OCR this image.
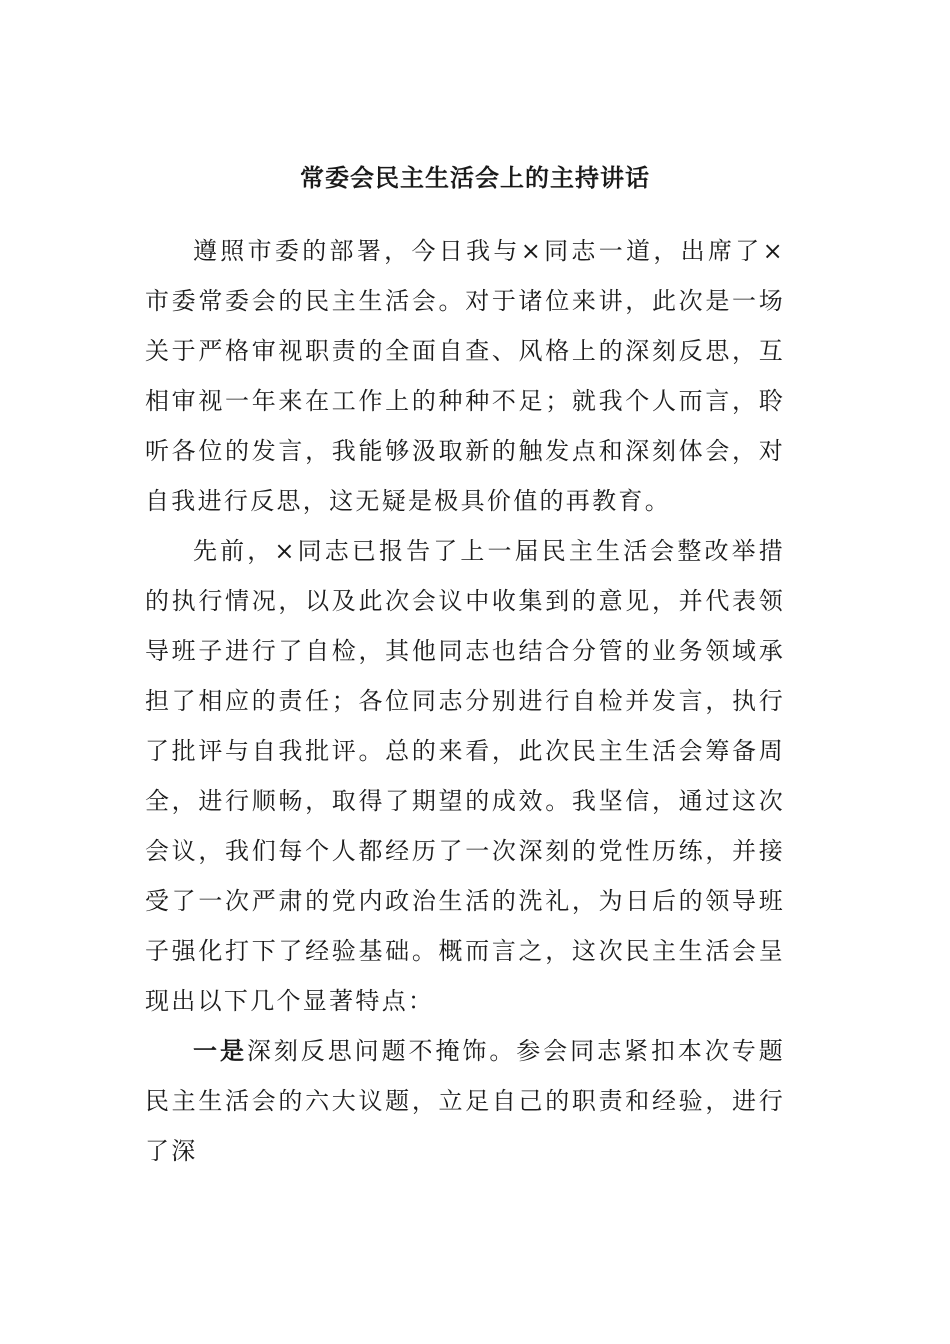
常委会民主生活会上的主持讲话

遵照市委的部署，今日我与×同志一道，出席了×市委常委会的民主生活会。对于诸位来讲，此次是一场关于严格审视职责的全面自查、风格上的深刻反思，互相审视一年来在工作上的种种不足；就我个人而言，聆听各位的发言，我能够汲取新的触发点和深刻体会，对自我进行反思，这无疑是极具价值的再教育。

先前，×同志已报告了上一届民主生活会整改举措的执行情况，以及此次会议中收集到的意见，并代表领导班子进行了自检，其他同志也结合分管的业务领域承担了相应的责任；各位同志分别进行自检并发言，执行了批评与自我批评。总的来看，此次民主生活会筹备周全，进行顺畅，取得了期望的成效。我坚信，通过这次会议，我们每个人都经历了一次深刻的党性历练，并接受了一次严肃的党内政治生活的洗礼，为日后的领导班子强化打下了经验基础。概而言之，这次民主生活会呈现出以下几个显著特点：

一是深刻反思问题不掩饰。参会同志紧扣本次专题民主生活会的六大议题，立足自己的职责和经验，进行了深
